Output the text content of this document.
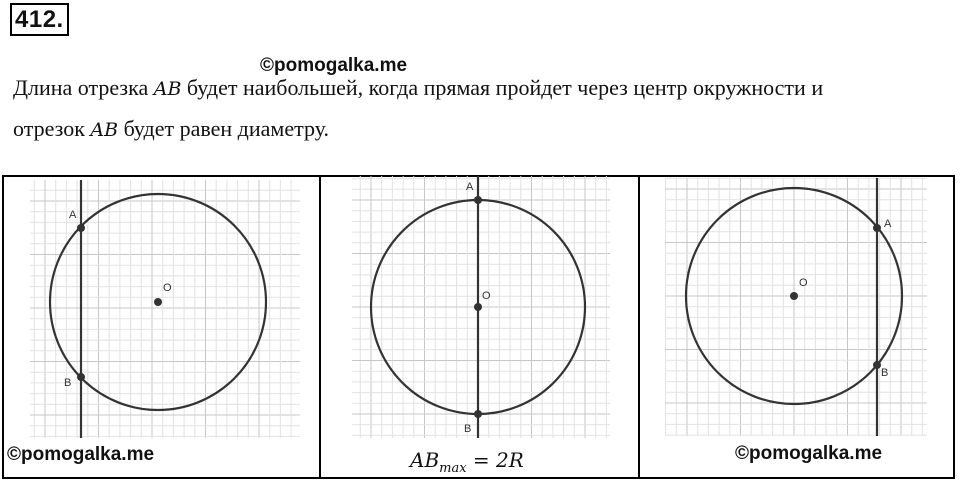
412.
©pomogalka.me
Длина отрезка AB будет наибольшей, когда прямая пройдет через центр окружности и
отрезок AB будет равен диаметру.
A
B
O
A
B
O
A
B
O
©pomogalka.me	$AB_{max} = 2R$	©pomogalka.me
